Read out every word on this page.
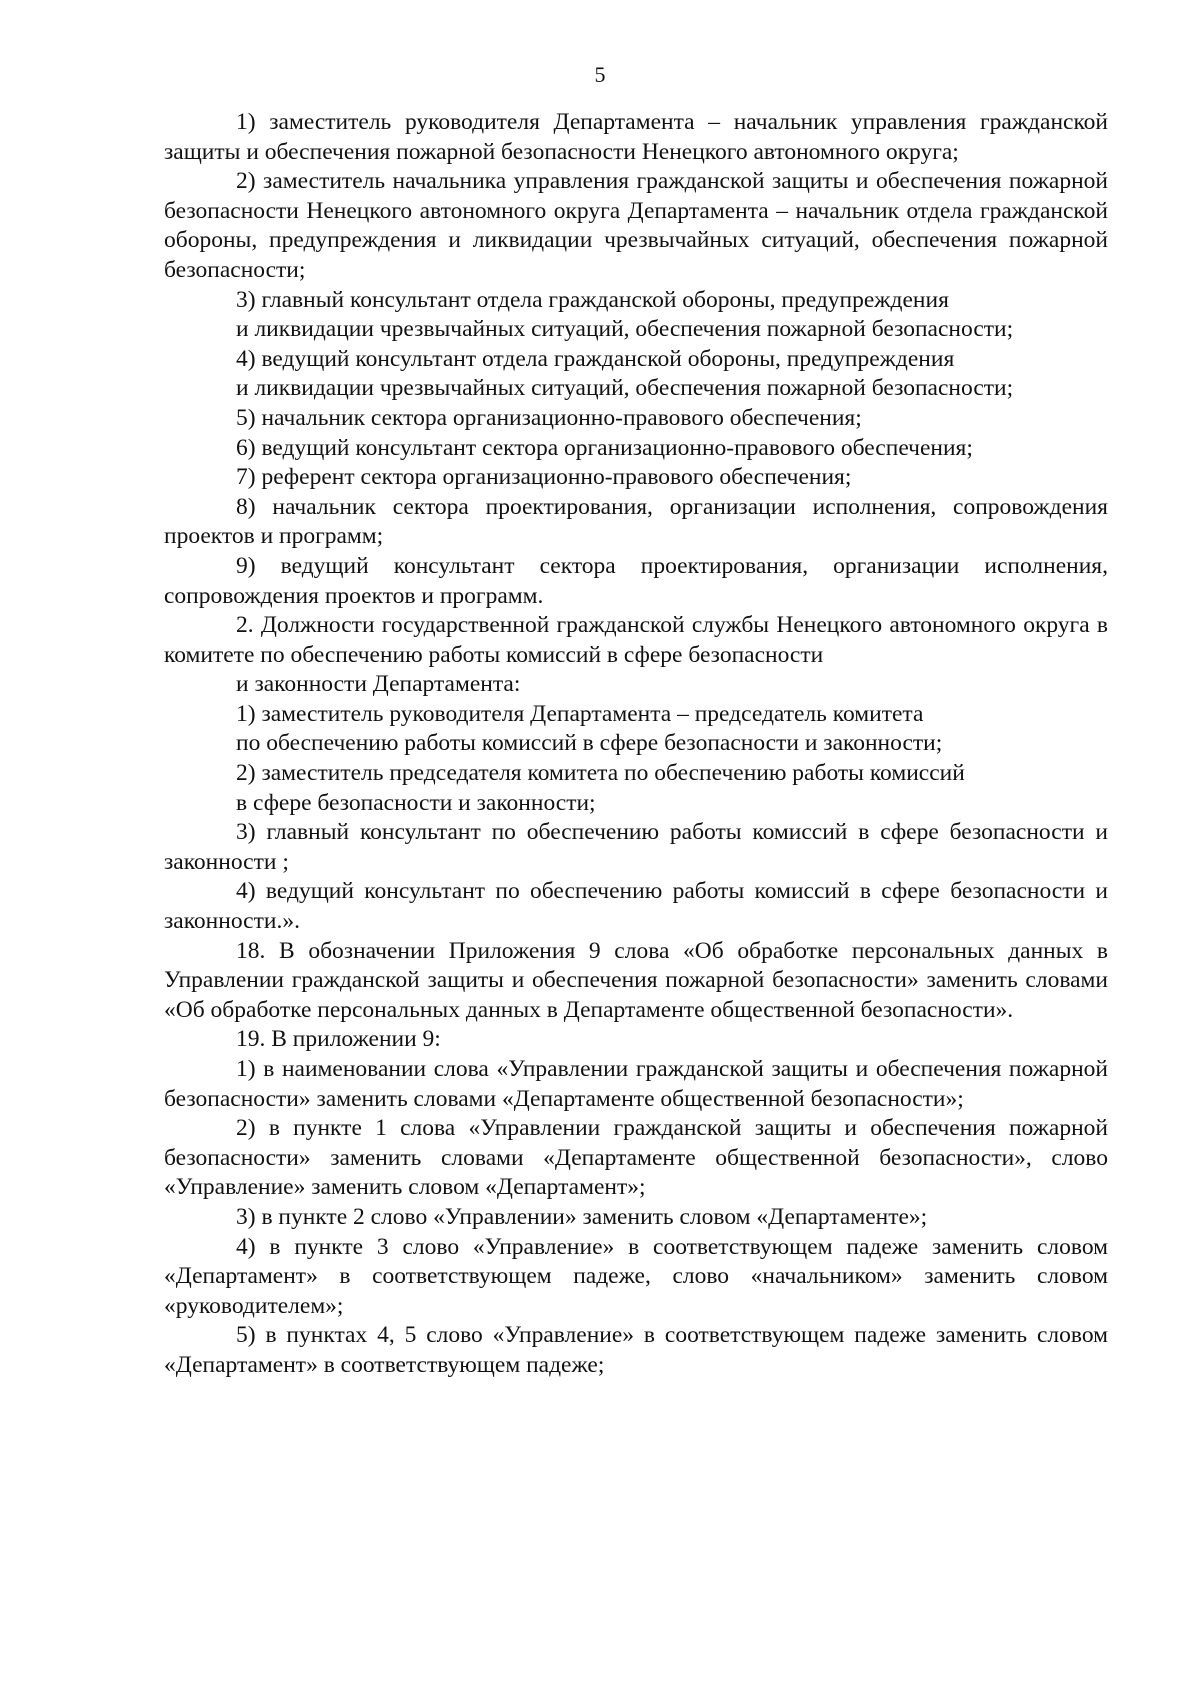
5

1) заместитель руководителя Департамента – начальник управления гражданской защиты и обеспечения пожарной безопасности Ненецкого автономного округа;

2) заместитель начальника управления гражданской защиты и обеспечения пожарной безопасности Ненецкого автономного округа Департамента – начальник отдела гражданской обороны, предупреждения и ликвидации чрезвычайных ситуаций, обеспечения пожарной безопасности;

3) главный консультант отдела гражданской обороны, предупреждения

и ликвидации чрезвычайных ситуаций, обеспечения пожарной безопасности;

4) ведущий консультант отдела гражданской обороны, предупреждения

и ликвидации чрезвычайных ситуаций, обеспечения пожарной безопасности;

5) начальник сектора организационно-правового обеспечения;

6) ведущий консультант сектора организационно-правового обеспечения;

7) референт сектора организационно-правового обеспечения;

8) начальник сектора проектирования, организации исполнения, сопровождения проектов и программ;

9) ведущий консультант сектора проектирования, организации исполнения, сопровождения проектов и программ.

2. Должности государственной гражданской службы Ненецкого автономного округа в комитете по обеспечению работы комиссий в сфере безопасности

и законности Департамента:

1) заместитель руководителя Департамента – председатель комитета

по обеспечению работы комиссий в сфере безопасности и законности;

2) заместитель председателя комитета по обеспечению работы комиссий

в сфере безопасности и законности;

3) главный консультант по обеспечению работы комиссий в сфере безопасности и законности ;

4) ведущий консультант по обеспечению работы комиссий в сфере безопасности и законности.».

18. В обозначении Приложения 9 слова «Об обработке персональных данных в Управлении гражданской защиты и обеспечения пожарной безопасности» заменить словами «Об обработке персональных данных в Департаменте общественной безопасности».

19. В приложении 9:

1) в наименовании слова «Управлении гражданской защиты и обеспечения пожарной безопасности» заменить словами «Департаменте общественной безопасности»;

2) в пункте 1 слова «Управлении гражданской защиты и обеспечения пожарной безопасности» заменить словами «Департаменте общественной безопасности», слово «Управление» заменить словом «Департамент»;

3) в пункте 2 слово «Управлении» заменить словом «Департаменте»;

4) в пункте 3 слово «Управление» в соответствующем падеже заменить словом «Департамент» в соответствующем падеже, слово «начальником» заменить словом «руководителем»;

5) в пунктах 4, 5 слово «Управление» в соответствующем падеже заменить словом «Департамент» в соответствующем падеже;
